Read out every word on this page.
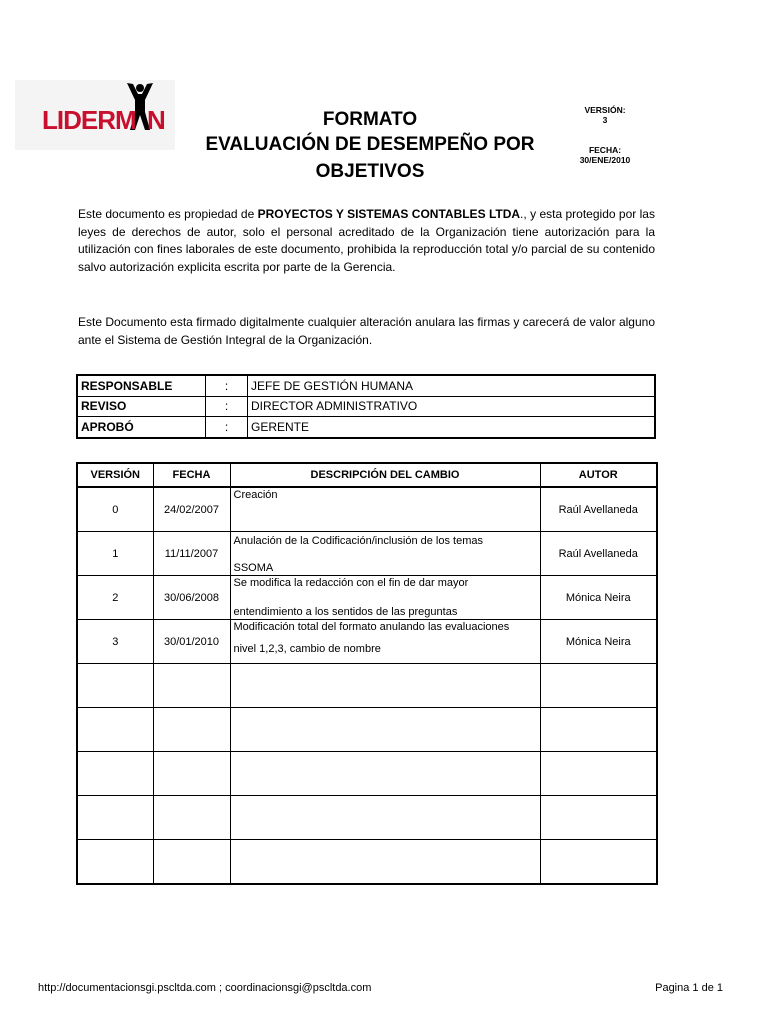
LIDERM N	FORMATO
EVALUACIÓN DE DESEMPEÑO POR
OBJETIVOS
VERSIÓN:
3
FECHA:
30/ENE/2010
Este documento es propiedad de PROYECTOS Y SISTEMAS CONTABLES LTDA., y esta protegido por las leyes de derechos de autor, solo el personal acreditado de la Organización tiene autorización para la utilización con fines laborales de este documento, prohibida la reproducción total y/o parcial de su contenido salvo autorización explicita escrita por parte de la Gerencia.
Este Documento esta firmado digitalmente cualquier alteración anulara las firmas y carecerá de valor alguno ante el Sistema de Gestión Integral de la Organización.
RESPONSABLE	:	JEFE DE GESTIÓN HUMANA
REVISO	:	DIRECTOR ADMINISTRATIVO
APROBÓ	:	GERENTE
VERSIÓN	FECHA	DESCRIPCIÓN DEL CAMBIO	AUTOR
0	24/02/2007	Creación	Raúl Avellaneda
1	11/11/2007	Anulación de la Codificación/inclusión de los temas
SSOMA	Raúl Avellaneda
2	30/06/2008	Se modifica la redacción con el fin de dar mayor
entendimiento a los sentidos de las preguntas	Mónica Neira
3	30/01/2010	Modificación total del formato anulando las evaluaciones
nivel 1,2,3, cambio de nombre	Mónica Neira

http://documentacionsgi.pscltda.com ; coordinacionsgi@pscltda.com	Pagina 1 de 1
